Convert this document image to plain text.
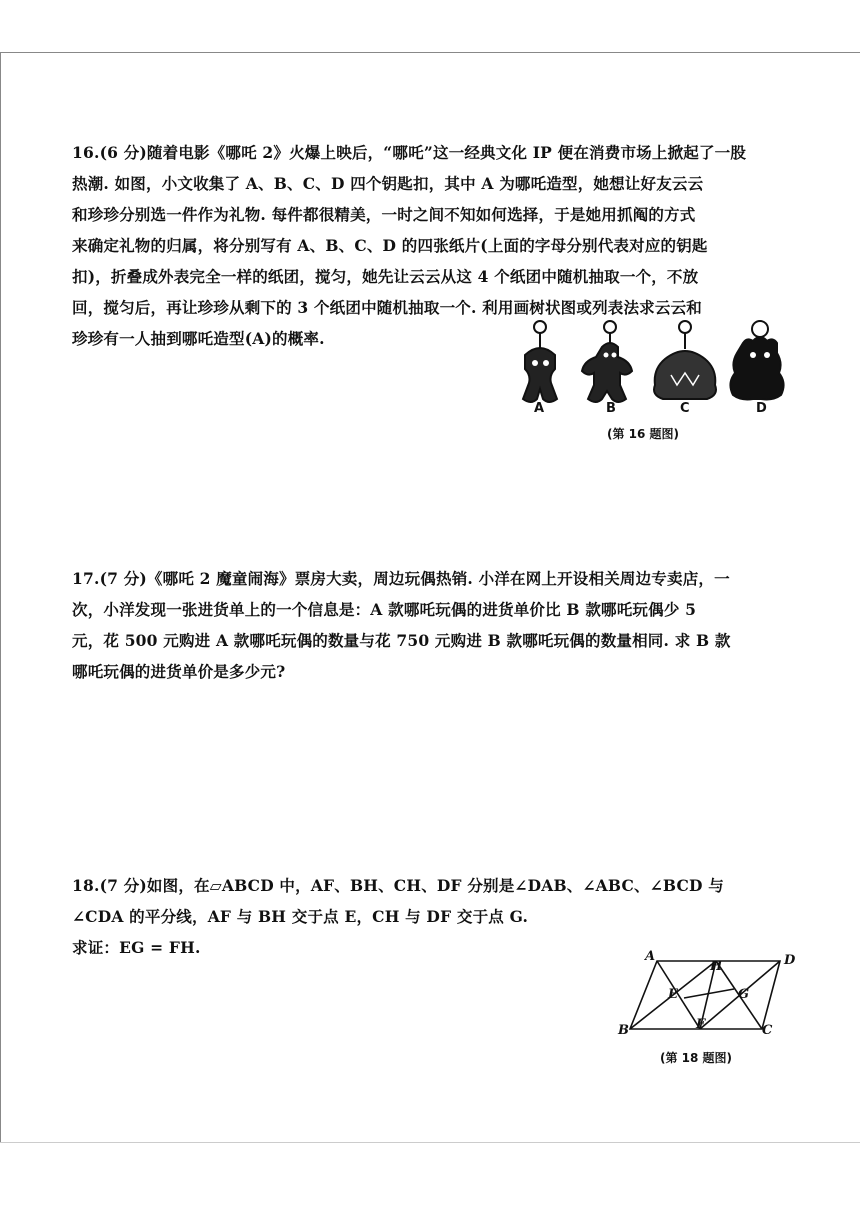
16.(6 分)随着电影《哪吒 2》火爆上映后，“哪吒”这一经典文化 IP 便在消费市场上掀起了一股

热潮. 如图，小文收集了 A、B、C、D 四个钥匙扣，其中 A 为哪吒造型，她想让好友云云

和珍珍分别选一件作为礼物. 每件都很精美，一时之间不知如何选择，于是她用抓阄的方式

来确定礼物的归属，将分别写有 A、B、C、D 的四张纸片(上面的字母分别代表对应的钥匙

扣)，折叠成外表完全一样的纸团，搅匀，她先让云云从这 4 个纸团中随机抽取一个，不放

回，搅匀后，再让珍珍从剩下的 3 个纸团中随机抽取一个. 利用画树状图或列表法求云云和

珍珍有一人抽到哪吒造型(A)的概率.

A	B	C	D
(第 16 题图)

17.(7 分)《哪吒 2 魔童闹海》票房大卖，周边玩偶热销. 小洋在网上开设相关周边专卖店，一

次，小洋发现一张进货单上的一个信息是：A 款哪吒玩偶的进货单价比 B 款哪吒玩偶少 5

元，花 500 元购进 A 款哪吒玩偶的数量与花 750 元购进 B 款哪吒玩偶的数量相同. 求 B 款

哪吒玩偶的进货单价是多少元?

18.(7 分)如图，在▱ABCD 中，AF、BH、CH、DF 分别是∠DAB、∠ABC、∠BCD 与

∠CDA 的平分线，AF 与 BH 交于点 E，CH 与 DF 交于点 G.

求证：EG = FH.	A	D
H
E	G
F
B	C
(第 18 题图)
